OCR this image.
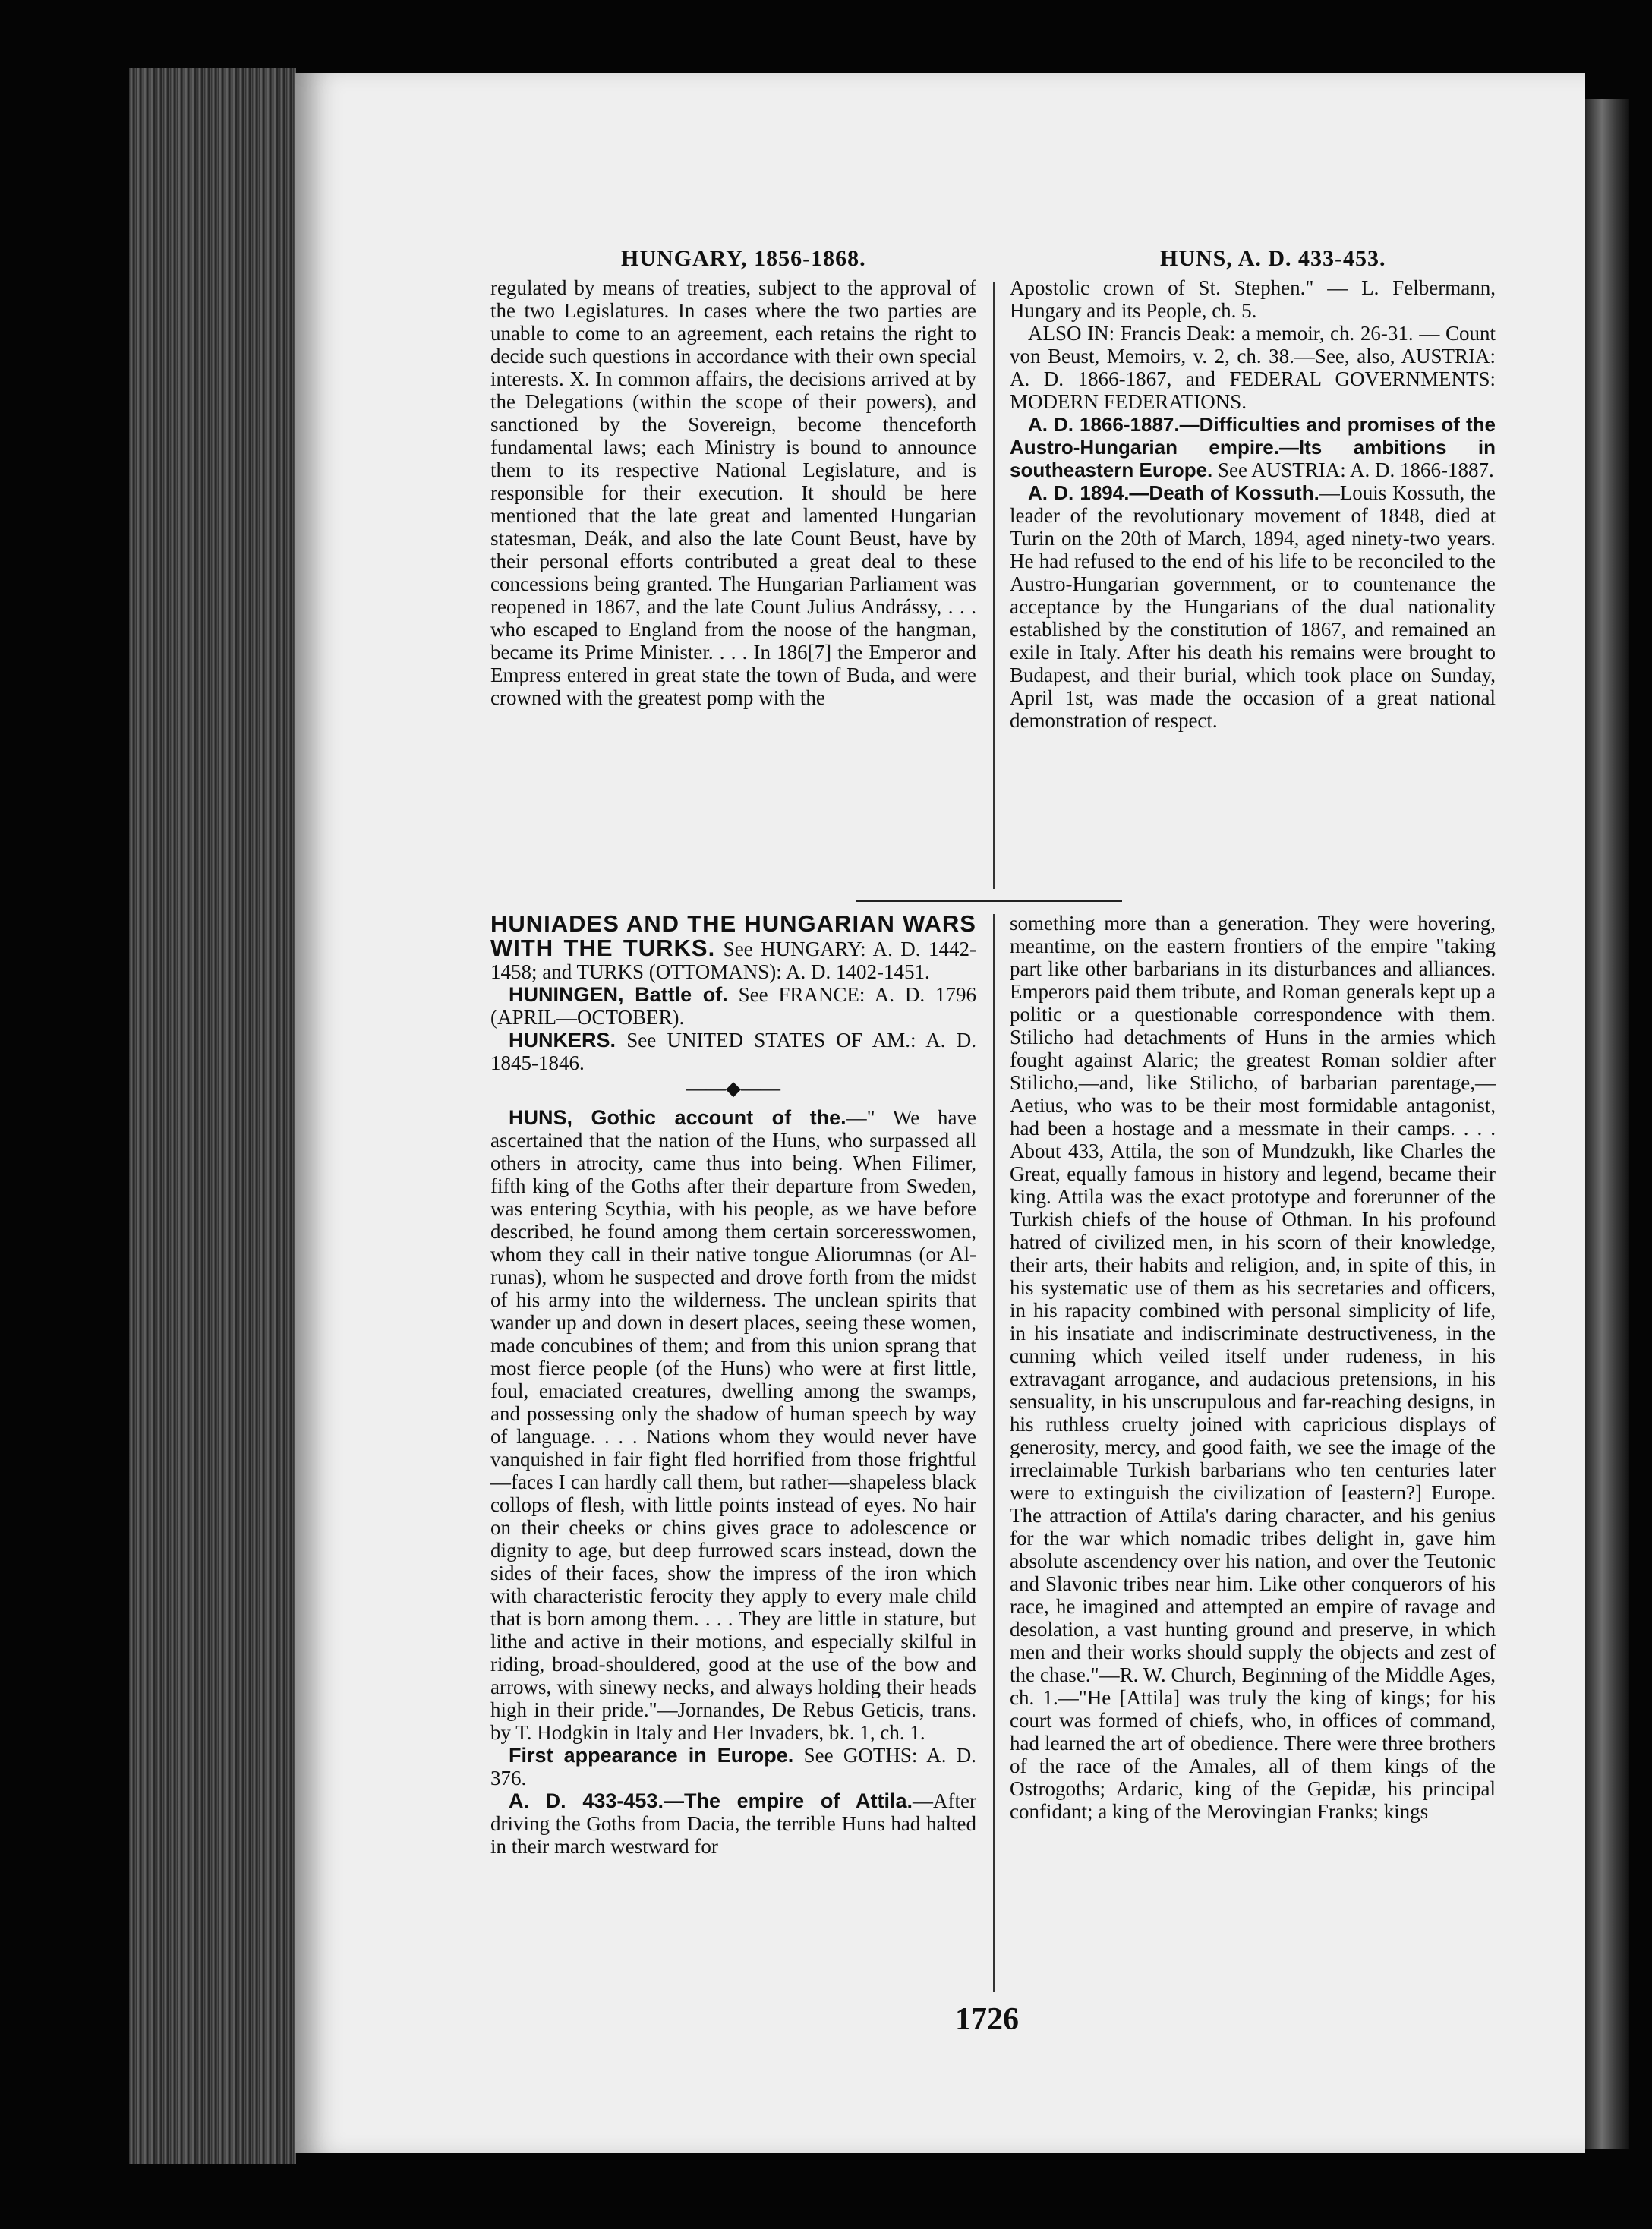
HUNGARY, 1856-1868.	HUNS, A. D. 433-453.

regulated by means of treaties, subject to the approval of the two Legislatures. In cases where the two parties are unable to come to an agreement, each retains the right to decide such questions in accordance with their own special interests. X. In common affairs, the decisions arrived at by the Delegations (within the scope of their powers), and sanctioned by the Sovereign, become thenceforth fundamental laws; each Ministry is bound to announce them to its respective National Legislature, and is responsible for their execution. It should be here mentioned that the late great and lamented Hungarian statesman, Deák, and also the late Count Beust, have by their personal efforts contributed a great deal to these concessions being granted. The Hungarian Parliament was reopened in 1867, and the late Count Julius Andrássy, . . . who escaped to England from the noose of the hangman, became its Prime Minister. . . . In 186[7] the Emperor and Empress entered in great state the town of Buda, and were crowned with the greatest pomp with the

Apostolic crown of St. Stephen." — L. Felbermann, Hungary and its People, ch. 5.

ALSO IN: Francis Deak: a memoir, ch. 26-31. — Count von Beust, Memoirs, v. 2, ch. 38.—See, also, AUSTRIA: A. D. 1866-1867, and FEDERAL GOVERNMENTS: MODERN FEDERATIONS.

A. D. 1866-1887.—Difficulties and promises of the Austro-Hungarian empire.—Its ambitions in southeastern Europe. See AUSTRIA: A. D. 1866-1887.

A. D. 1894.—Death of Kossuth.—Louis Kossuth, the leader of the revolutionary movement of 1848, died at Turin on the 20th of March, 1894, aged ninety-two years. He had refused to the end of his life to be reconciled to the Austro-Hungarian government, or to countenance the acceptance by the Hungarians of the dual nationality established by the constitution of 1867, and remained an exile in Italy. After his death his remains were brought to Budapest, and their burial, which took place on Sunday, April 1st, was made the occasion of a great national demonstration of respect.

HUNIADES AND THE HUNGARIAN WARS WITH THE TURKS. See HUNGARY: A. D. 1442-1458; and TURKS (OTTOMANS): A. D. 1402-1451.

HUNINGEN, Battle of. See FRANCE: A. D. 1796 (APRIL—OCTOBER).

HUNKERS. See UNITED STATES OF AM.: A. D. 1845-1846.

——◆——

HUNS, Gothic account of the.—" We have ascertained that the nation of the Huns, who surpassed all others in atrocity, came thus into being. When Filimer, fifth king of the Goths after their departure from Sweden, was entering Scythia, with his people, as we have before described, he found among them certain sorceresswomen, whom they call in their native tongue Aliorumnas (or Al-runas), whom he suspected and drove forth from the midst of his army into the wilderness. The unclean spirits that wander up and down in desert places, seeing these women, made concubines of them; and from this union sprang that most fierce people (of the Huns) who were at first little, foul, emaciated creatures, dwelling among the swamps, and possessing only the shadow of human speech by way of language. . . . Nations whom they would never have vanquished in fair fight fled horrified from those frightful—faces I can hardly call them, but rather—shapeless black collops of flesh, with little points instead of eyes. No hair on their cheeks or chins gives grace to adolescence or dignity to age, but deep furrowed scars instead, down the sides of their faces, show the impress of the iron which with characteristic ferocity they apply to every male child that is born among them. . . . They are little in stature, but lithe and active in their motions, and especially skilful in riding, broad-shouldered, good at the use of the bow and arrows, with sinewy necks, and always holding their heads high in their pride."—Jornandes, De Rebus Geticis, trans. by T. Hodgkin in Italy and Her Invaders, bk. 1, ch. 1.

First appearance in Europe. See GOTHS: A. D. 376.

A. D. 433-453.—The empire of Attila.—After driving the Goths from Dacia, the terrible Huns had halted in their march westward for

something more than a generation. They were hovering, meantime, on the eastern frontiers of the empire "taking part like other barbarians in its disturbances and alliances. Emperors paid them tribute, and Roman generals kept up a politic or a questionable correspondence with them. Stilicho had detachments of Huns in the armies which fought against Alaric; the greatest Roman soldier after Stilicho,—and, like Stilicho, of barbarian parentage,—Aetius, who was to be their most formidable antagonist, had been a hostage and a messmate in their camps. . . . About 433, Attila, the son of Mundzukh, like Charles the Great, equally famous in history and legend, became their king. Attila was the exact prototype and forerunner of the Turkish chiefs of the house of Othman. In his profound hatred of civilized men, in his scorn of their knowledge, their arts, their habits and religion, and, in spite of this, in his systematic use of them as his secretaries and officers, in his rapacity combined with personal simplicity of life, in his insatiate and indiscriminate destructiveness, in the cunning which veiled itself under rudeness, in his extravagant arrogance, and audacious pretensions, in his sensuality, in his unscrupulous and far-reaching designs, in his ruthless cruelty joined with capricious displays of generosity, mercy, and good faith, we see the image of the irreclaimable Turkish barbarians who ten centuries later were to extinguish the civilization of [eastern?] Europe. The attraction of Attila's daring character, and his genius for the war which nomadic tribes delight in, gave him absolute ascendency over his nation, and over the Teutonic and Slavonic tribes near him. Like other conquerors of his race, he imagined and attempted an empire of ravage and desolation, a vast hunting ground and preserve, in which men and their works should supply the objects and zest of the chase."—R. W. Church, Beginning of the Middle Ages, ch. 1.—"He [Attila] was truly the king of kings; for his court was formed of chiefs, who, in offices of command, had learned the art of obedience. There were three brothers of the race of the Amales, all of them kings of the Ostrogoths; Ardaric, king of the Gepidæ, his principal confidant; a king of the Merovingian Franks; kings

1726
